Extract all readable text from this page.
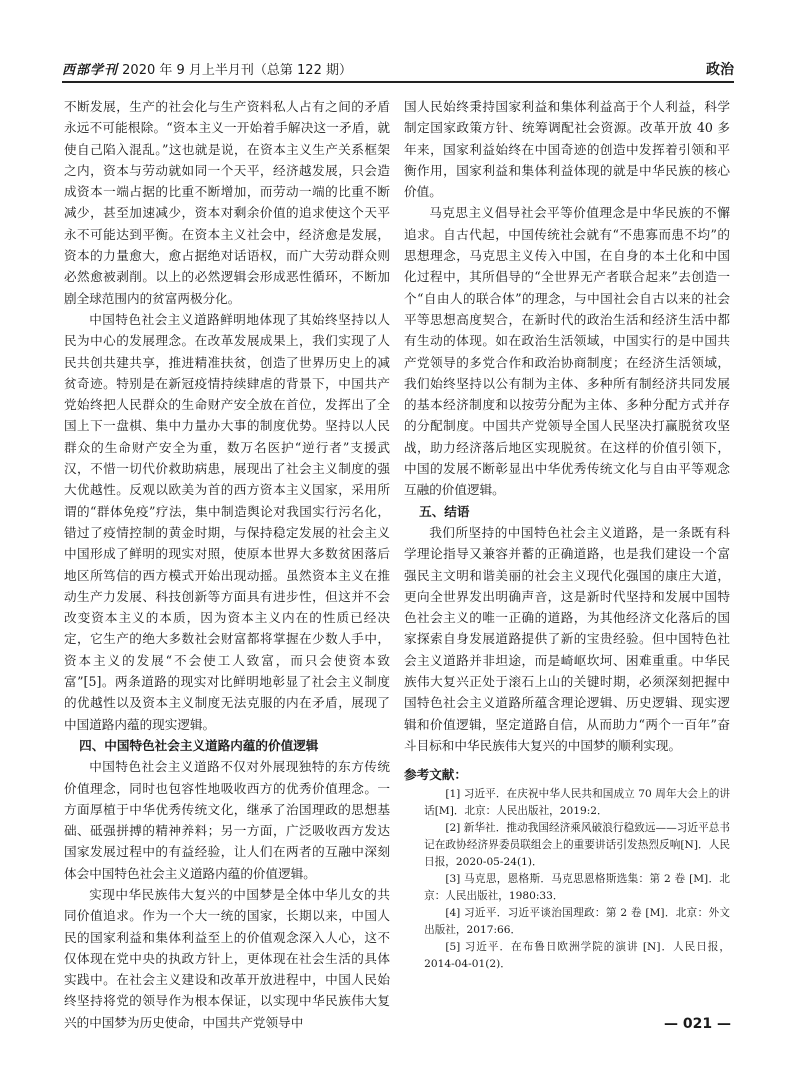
西部学刊 2020 年 9 月上半月刊（总第 122 期）	政治

不断发展，生产的社会化与生产资料私人占有之间的矛盾永远不可能根除。“资本主义一开始着手解决这一矛盾，就使自己陷入混乱。”这也就是说，在资本主义生产关系框架之内，资本与劳动就如同一个天平，经济越发展，只会造成资本一端占据的比重不断增加，而劳动一端的比重不断减少，甚至加速减少，资本对剩余价值的追求使这个天平永不可能达到平衡。在资本主义社会中，经济愈是发展，资本的力量愈大，愈占据绝对话语权，而广大劳动群众则必然愈被剥削。以上的必然逻辑会形成恶性循环，不断加剧全球范围内的贫富两极分化。

中国特色社会主义道路鲜明地体现了其始终坚持以人民为中心的发展理念。在改革发展成果上，我们实现了人民共创共建共享，推进精准扶贫，创造了世界历史上的减贫奇迹。特别是在新冠疫情持续肆虐的背景下，中国共产党始终把人民群众的生命财产安全放在首位，发挥出了全国上下一盘棋、集中力量办大事的制度优势。坚持以人民群众的生命财产安全为重，数万名医护“逆行者”支援武汉，不惜一切代价救助病患，展现出了社会主义制度的强大优越性。反观以欧美为首的西方资本主义国家，采用所谓的“群体免疫”疗法，集中制造舆论对我国实行污名化，错过了疫情控制的黄金时期，与保持稳定发展的社会主义中国形成了鲜明的现实对照，使原本世界大多数贫困落后地区所笃信的西方模式开始出现动摇。虽然资本主义在推动生产力发展、科技创新等方面具有进步性，但这并不会改变资本主义的本质，因为资本主义内在的性质已经决定，它生产的绝大多数社会财富都将掌握在少数人手中，资本主义的发展“不会使工人致富，而只会使资本致富”[5]。两条道路的现实对比鲜明地彰显了社会主义制度的优越性以及资本主义制度无法克服的内在矛盾，展现了中国道路内蕴的现实逻辑。

四、中国特色社会主义道路内蕴的价值逻辑

中国特色社会主义道路不仅对外展现独特的东方传统价值理念，同时也包容性地吸收西方的优秀价值理念。一方面厚植于中华优秀传统文化，继承了治国理政的思想基础、砥强拼搏的精神养料；另一方面，广泛吸收西方发达国家发展过程中的有益经验，让人们在两者的互融中深刻体会中国特色社会主义道路内蕴的价值逻辑。

实现中华民族伟大复兴的中国梦是全体中华儿女的共同价值追求。作为一个大一统的国家，长期以来，中国人民的国家利益和集体利益至上的价值观念深入人心，这不仅体现在党中央的执政方针上，更体现在社会生活的具体实践中。在社会主义建设和改革开放进程中，中国人民始终坚持将党的领导作为根本保证，以实现中华民族伟大复兴的中国梦为历史使命，中国共产党领导中

国人民始终秉持国家利益和集体利益高于个人利益，科学制定国家政策方针、统筹调配社会资源。改革开放 40 多年来，国家利益始终在中国奇迹的创造中发挥着引领和平衡作用，国家利益和集体利益体现的就是中华民族的核心价值。

马克思主义倡导社会平等价值理念是中华民族的不懈追求。自古代起，中国传统社会就有“不患寡而患不均”的思想理念，马克思主义传入中国，在自身的本土化和中国化过程中，其所倡导的“全世界无产者联合起来”去创造一个“自由人的联合体”的理念，与中国社会自古以来的社会平等思想高度契合，在新时代的政治生活和经济生活中都有生动的体现。如在政治生活领域，中国实行的是中国共产党领导的多党合作和政治协商制度；在经济生活领域，我们始终坚持以公有制为主体、多种所有制经济共同发展的基本经济制度和以按劳分配为主体、多种分配方式并存的分配制度。中国共产党领导全国人民坚决打赢脱贫攻坚战，助力经济落后地区实现脱贫。在这样的价值引领下，中国的发展不断彰显出中华优秀传统文化与自由平等观念互融的价值逻辑。

五、结语

我们所坚持的中国特色社会主义道路，是一条既有科学理论指导又兼容并蓄的正确道路，也是我们建设一个富强民主文明和谐美丽的社会主义现代化强国的康庄大道，更向全世界发出明确声音，这是新时代坚持和发展中国特色社会主义的唯一正确的道路，为其他经济文化落后的国家探索自身发展道路提供了新的宝贵经验。但中国特色社会主义道路并非坦途，而是崎岖坎坷、困难重重。中华民族伟大复兴正处于滚石上山的关键时期，必须深刻把握中国特色社会主义道路所蕴含理论逻辑、历史逻辑、现实逻辑和价值逻辑，坚定道路自信，从而助力“两个一百年”奋斗目标和中华民族伟大复兴的中国梦的顺利实现。

参考文献：

[1] 习近平．在庆祝中华人民共和国成立 70 周年大会上的讲话[M]．北京：人民出版社，2019:2．

[2] 新华社．推动我国经济乘风破浪行稳致远——习近平总书记在政协经济界委员联组会上的重要讲话引发热烈反响[N]．人民日报，2020-05-24(1)．

[3] 马克思，恩格斯．马克思恩格斯选集：第 2 卷 [M]．北京：人民出版社，1980:33．

[4] 习近平．习近平谈治国理政：第 2 卷 [M]．北京：外文出版社，2017:66．

[5] 习近平．在布鲁日欧洲学院的演讲 [N]．人民日报，2014-04-01(2)．

— 021 —
